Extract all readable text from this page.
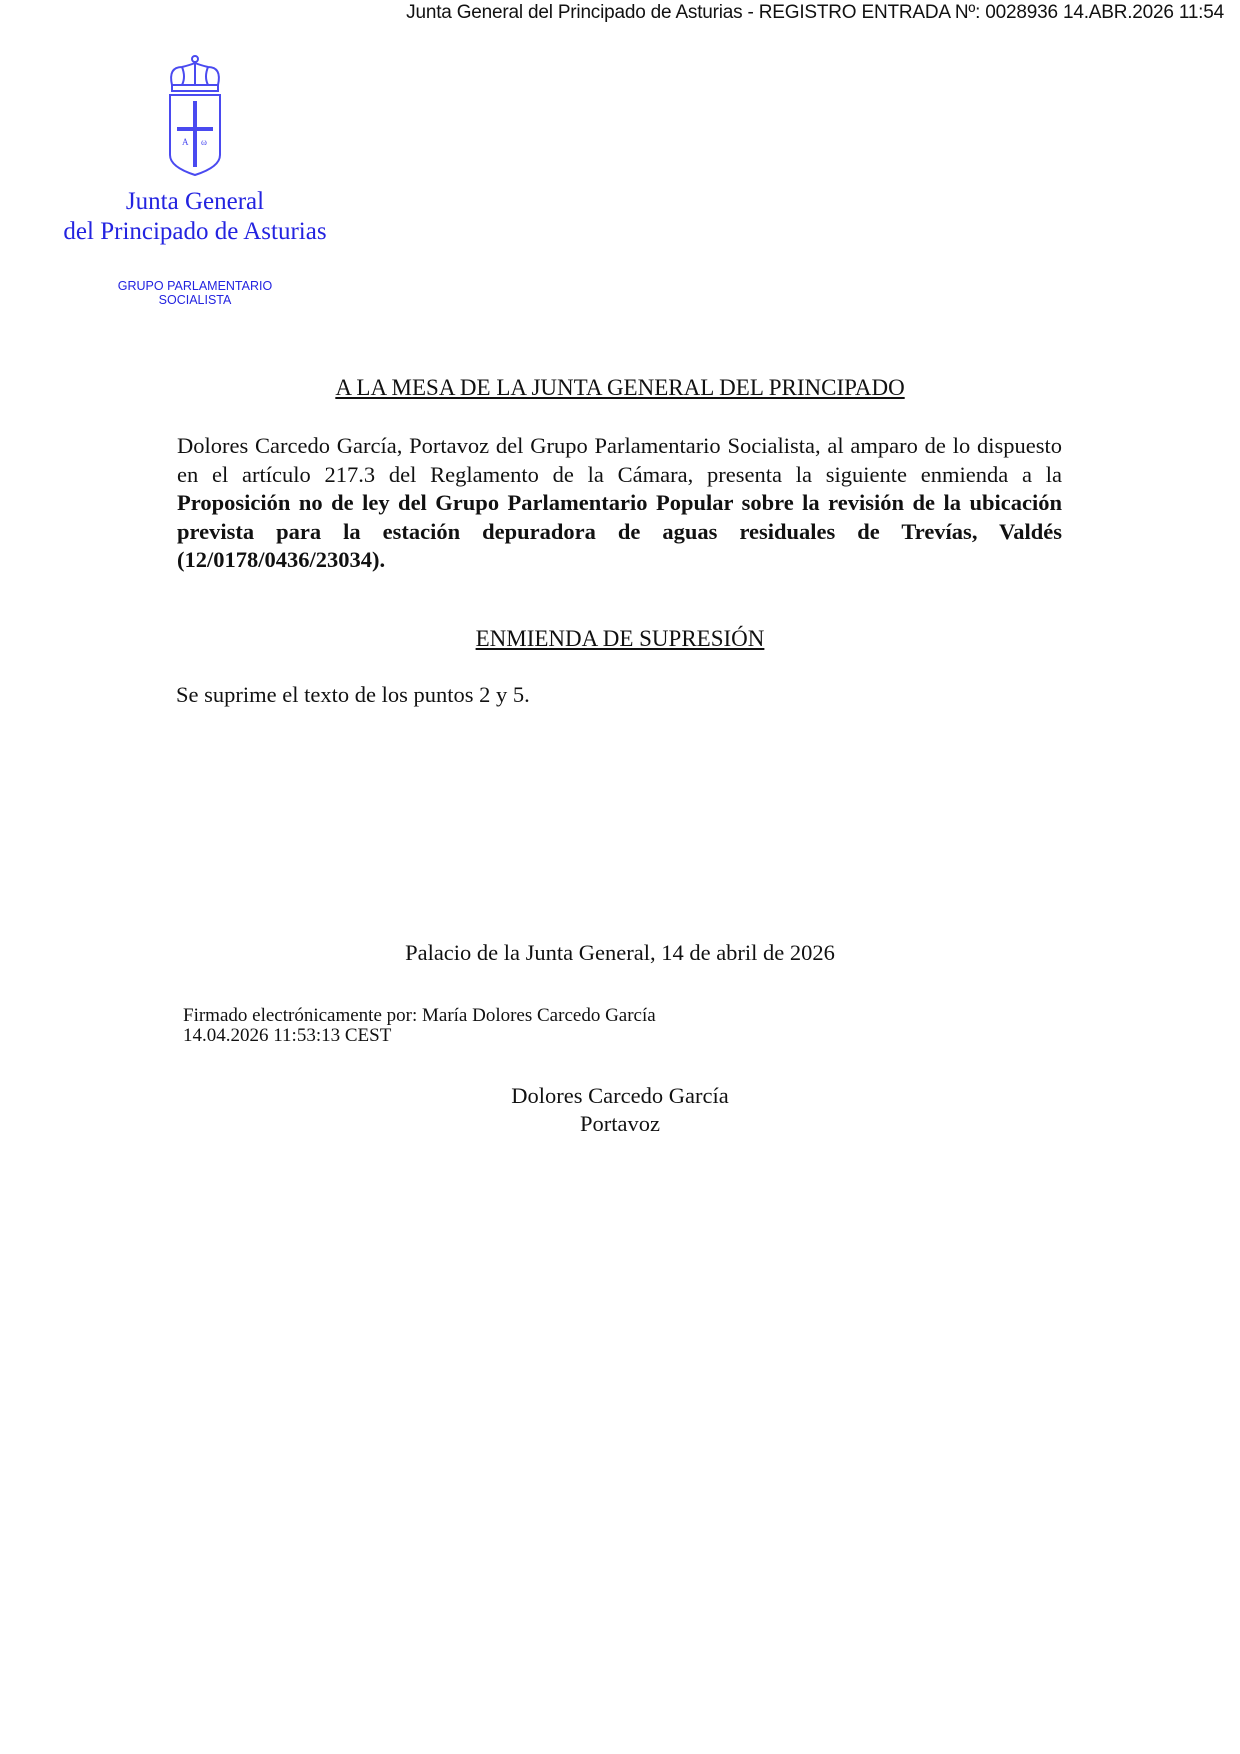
Junta General del Principado de Asturias - REGISTRO ENTRADA Nº: 0028936 14.ABR.2026 11:54
A ω
Junta General
del Principado de Asturias
GRUPO PARLAMENTARIO
SOCIALISTA
A LA MESA DE LA JUNTA GENERAL DEL PRINCIPADO
Dolores Carcedo García, Portavoz del Grupo Parlamentario Socialista, al amparo de lo dispuesto en el artículo 217.3 del Reglamento de la Cámara, presenta la siguiente enmienda a la Proposición no de ley del Grupo Parlamentario Popular sobre la revisión de la ubicación prevista para la estación depuradora de aguas residuales de Trevías, Valdés (12/0178/0436/23034).
ENMIENDA DE SUPRESIÓN
Se suprime el texto de los puntos 2 y 5.
Palacio de la Junta General, 14 de abril de 2026
Firmado electrónicamente por: María Dolores Carcedo García
14.04.2026 11:53:13 CEST
Dolores Carcedo García
Portavoz
